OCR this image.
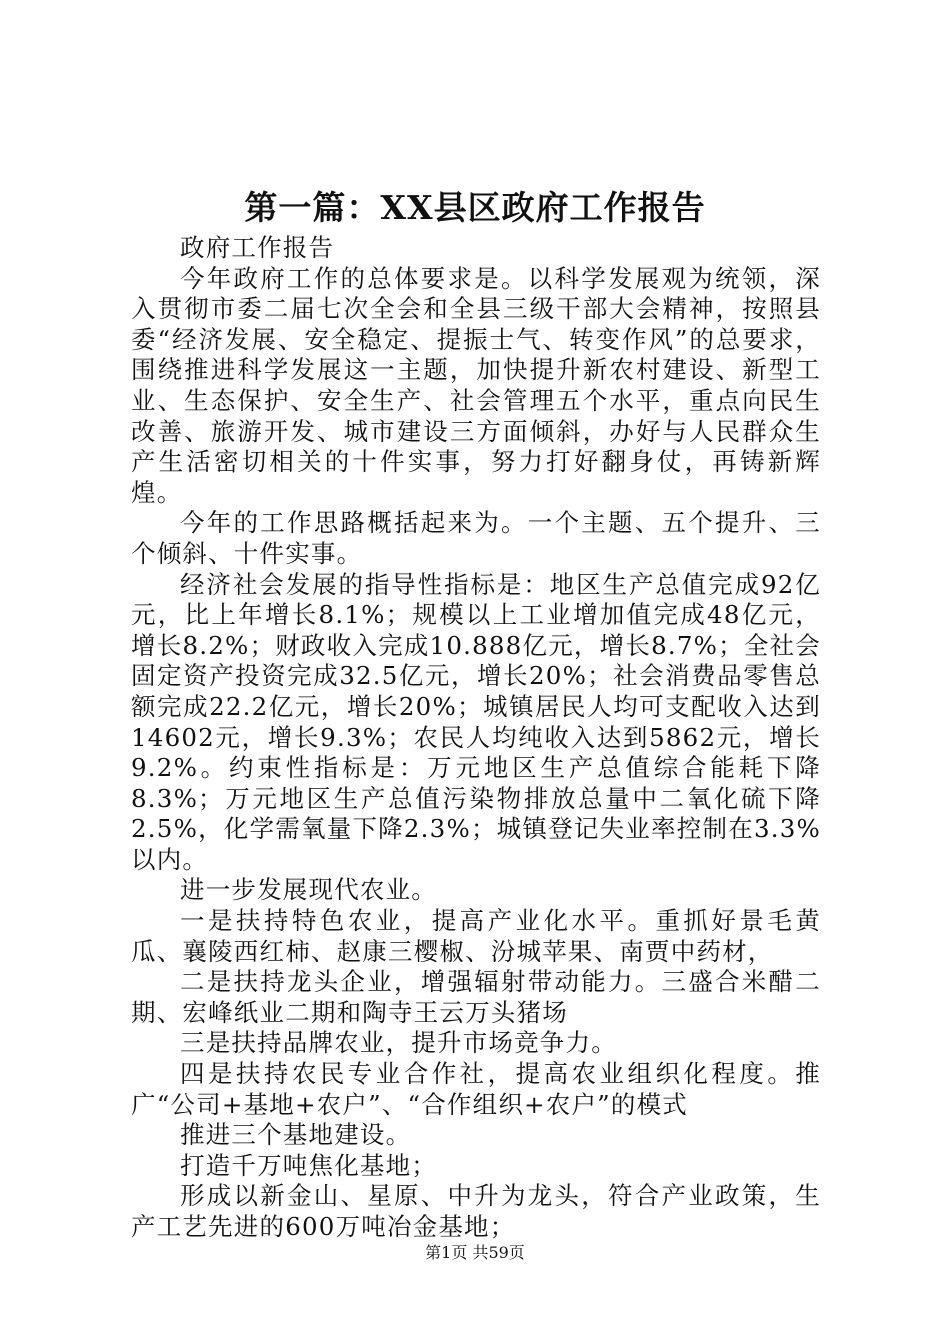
第一篇：XX县区政府工作报告

政府工作报告

今年政府工作的总体要求是。以科学发展观为统领，深入贯彻市委二届七次全会和全县三级干部大会精神，按照县委“经济发展、安全稳定、提振士气、转变作风”的总要求，围绕推进科学发展这一主题，加快提升新农村建设、新型工业、生态保护、安全生产、社会管理五个水平，重点向民生改善、旅游开发、城市建设三方面倾斜，办好与人民群众生产生活密切相关的十件实事，努力打好翻身仗，再铸新辉煌。

今年的工作思路概括起来为。一个主题、五个提升、三个倾斜、十件实事。

经济社会发展的指导性指标是：地区生产总值完成92亿元，比上年增长8.1%；规模以上工业增加值完成48亿元，增长8.2%；财政收入完成10.888亿元，增长8.7%；全社会固定资产投资完成32.5亿元，增长20%；社会消费品零售总额完成22.2亿元，增长20%；城镇居民人均可支配收入达到14602元，增长9.3%；农民人均纯收入达到5862元，增长9.2%。约束性指标是：万元地区生产总值综合能耗下降8.3%；万元地区生产总值污染物排放总量中二氧化硫下降2.5%，化学需氧量下降2.3%；城镇登记失业率控制在3.3%以内。

进一步发展现代农业。

一是扶持特色农业，提高产业化水平。重抓好景毛黄瓜、襄陵西红柿、赵康三樱椒、汾城苹果、南贾中药材，

二是扶持龙头企业，增强辐射带动能力。三盛合米醋二期、宏峰纸业二期和陶寺王云万头猪场

三是扶持品牌农业，提升市场竞争力。

四是扶持农民专业合作社，提高农业组织化程度。推广“公司+基地+农户”、“合作组织+农户”的模式

推进三个基地建设。

打造千万吨焦化基地；

形成以新金山、星原、中升为龙头，符合产业政策，生产工艺先进的600万吨冶金基地；

第1页 共59页
